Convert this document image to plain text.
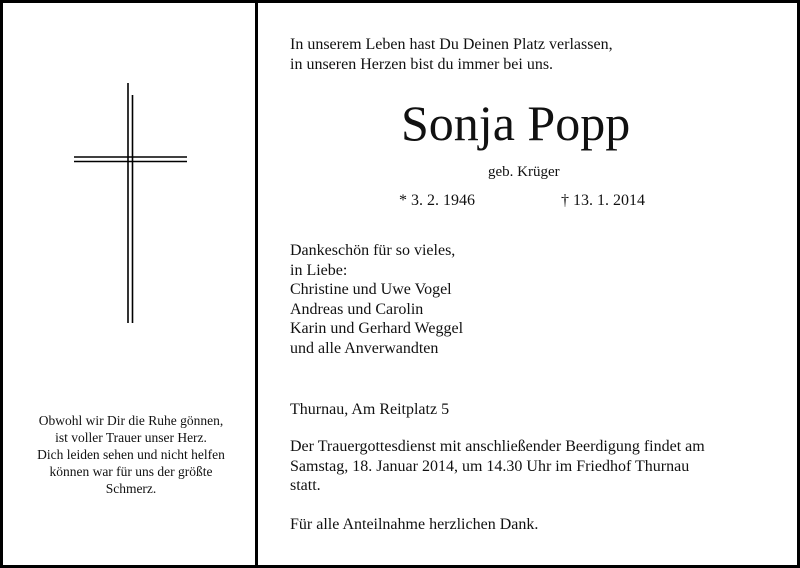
Obwohl wir Dir die Ruhe gönnen,
ist voller Trauer unser Herz.
Dich leiden sehen und nicht helfen
können war für uns der größte
Schmerz.
In unserem Leben hast Du Deinen Platz verlassen,
in unseren Herzen bist du immer bei uns.
Sonja Popp
geb. Krüger
* 3. 2. 1946	† 13. 1. 2014
Dankeschön für so vieles,
in Liebe:
Christine und Uwe Vogel
Andreas und Carolin
Karin und Gerhard Weggel
und alle Anverwandten
Thurnau, Am Reitplatz 5
Der Trauergottesdienst mit anschließender Beerdigung findet am
Samstag, 18. Januar 2014, um 14.30 Uhr im Friedhof Thurnau
statt.
Für alle Anteilnahme herzlichen Dank.
